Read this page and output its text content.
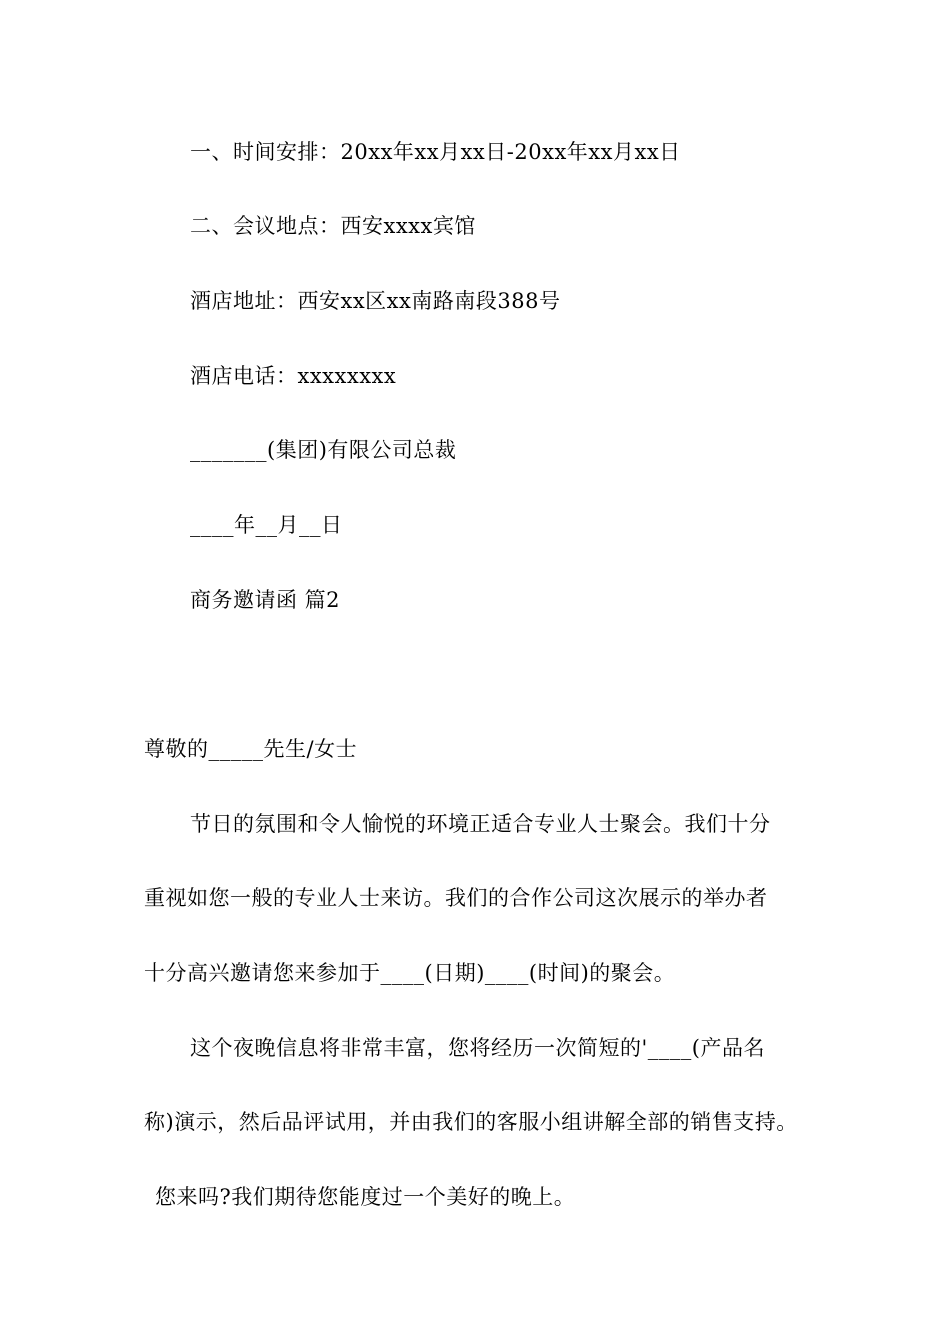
一、时间安排：20xx年xx月xx日-20xx年xx月xx日
二、会议地点：西安xxxx宾馆
酒店地址：西安xx区xx南路南段388号
酒店电话：xxxxxxxx
_______(集团)有限公司总裁
____年__月__日
商务邀请函 篇2
尊敬的_____先生/女士
节日的氛围和令人愉悦的环境正适合专业人士聚会。我们十分
重视如您一般的专业人士来访。我们的合作公司这次展示的举办者
十分高兴邀请您来参加于____(日期)____(时间)的聚会。
这个夜晚信息将非常丰富，您将经历一次简短的'____(产品名
称)演示，然后品评试用，并由我们的客服小组讲解全部的销售支持。
您来吗?我们期待您能度过一个美好的晚上。
